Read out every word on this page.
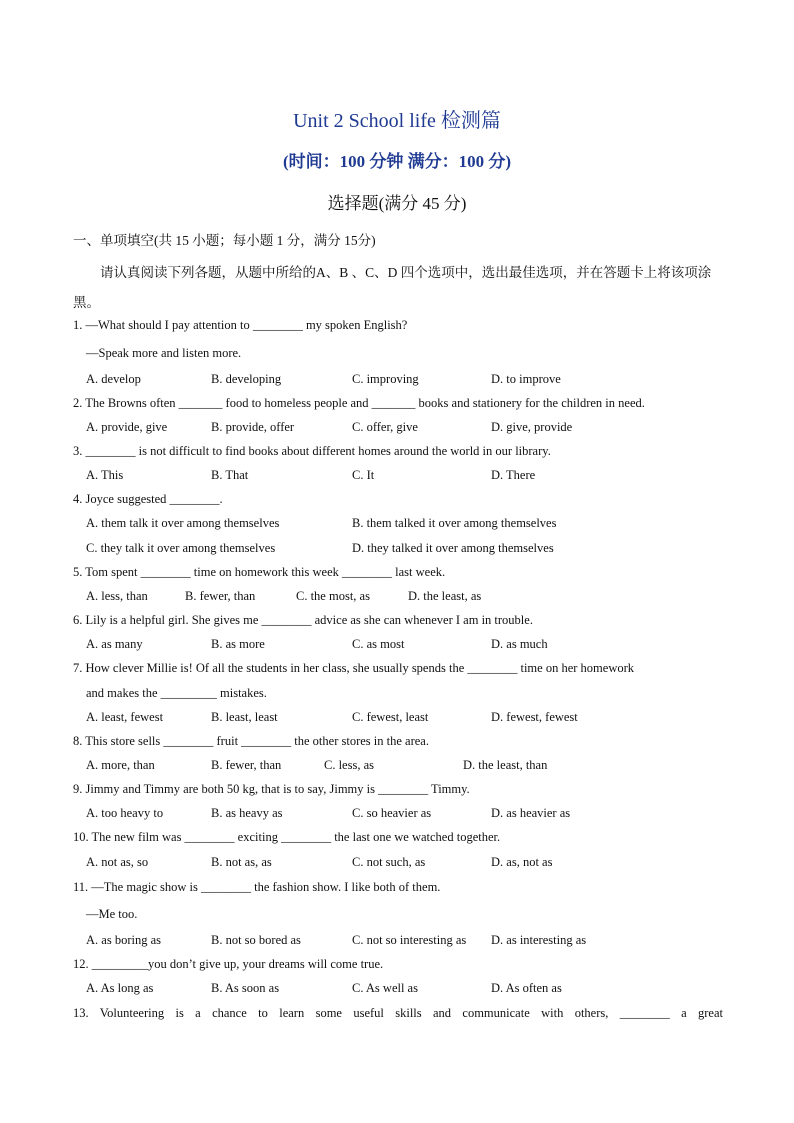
Unit 2 School life 检测篇
(时间：100 分钟 满分：100 分)
选择题(满分 45 分)
一、单项填空(共 15 小题；每小题 1 分，满分 15分)
请认真阅读下列各题，从题中所给的A、B 、C、D 四个选项中，选出最佳选项，并在答题卡上将该项涂黑。
1. —What should I pay attention to ________ my spoken English?
—Speak more and listen more.
A. develop	B. developing	C. improving	D. to improve
2. The Browns often _______ food to homeless people and _______ books and stationery for the children in need.
A. provide, give	B. provide, offer	C. offer, give	D. give, provide
3. ________ is not difficult to find books about different homes around the world in our library.
A. This	B. That	C. It	D. There
4. Joyce suggested ________.
A. them talk it over among themselves	B. them talked it over among themselves
C. they talk it over among themselves	D. they talked it over among themselves
5. Tom spent ________ time on homework this week ________ last week.
A. less, than	B. fewer, than	C. the most, as	D. the least, as
6. Lily is a helpful girl. She gives me ________ advice as she can whenever I am in trouble.
A. as many	B. as more	C. as most	D. as much
7. How clever Millie is! Of all the students in her class, she usually spends the ________ time on her homework
and makes the _________ mistakes.
A. least, fewest	B. least, least	C. fewest, least	D. fewest, fewest
8. This store sells ________ fruit ________ the other stores in the area.
A. more, than	B. fewer, than	C. less, as	D. the least, than
9. Jimmy and Timmy are both 50 kg, that is to say, Jimmy is ________ Timmy.
A. too heavy to	B. as heavy as	C. so heavier as	D. as heavier as
10. The new film was ________ exciting ________ the last one we watched together.
A. not as, so	B. not as, as	C. not such, as	D. as, not as
11. —The magic show is ________ the fashion show. I like both of them.
—Me too.
A. as boring as	B. not so bored as	C. not so interesting as D. as interesting as
12. _________you don’t give up, your dreams will come true.
A. As long as	B. As soon as	C. As well as	D. As often as
13. Volunteering is a chance to learn some useful skills and communicate with others, ________ a great
